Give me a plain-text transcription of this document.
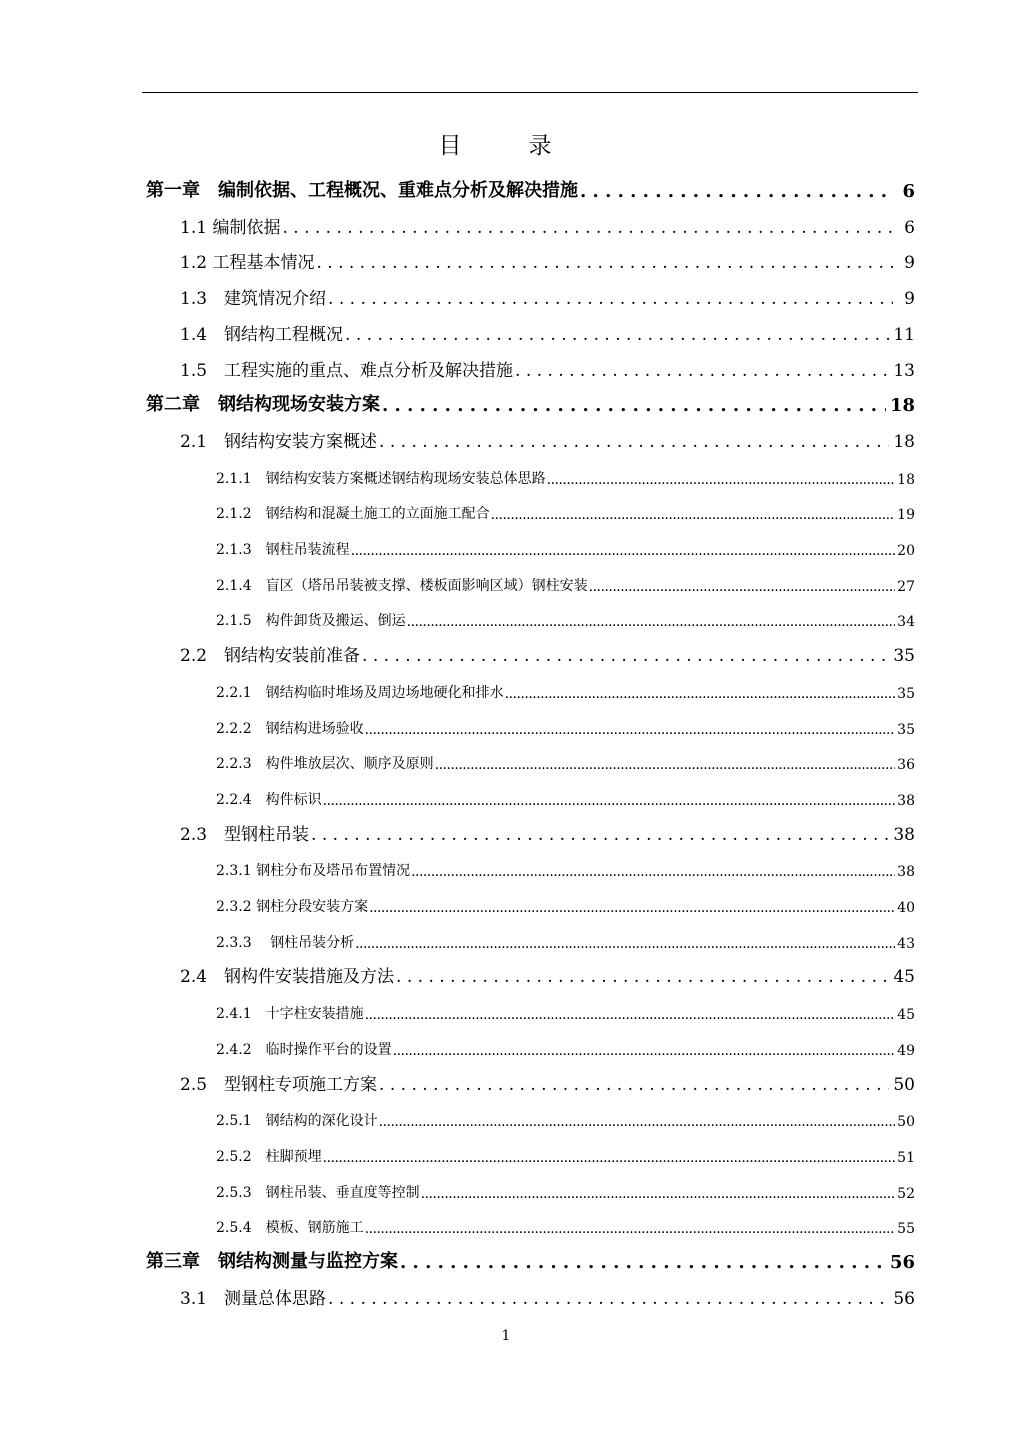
目　录
第一章　编制依据、工程概况、重难点分析及解决措施 . . .	6
1.1 编制依据 . . .	6
1.2 工程基本情况 . . .	9
1.3　建筑情况介绍 . . .	9
1.4　钢结构工程概况 . . .	11
1.5　工程实施的重点、难点分析及解决措施 . . .	13
第二章　钢结构现场安装方案 . . .	18
2.1　钢结构安装方案概述 . . .	18
2.1.1　钢结构安装方案概述钢结构现场安装总体思路 .....	18
2.1.2　钢结构和混凝土施工的立面施工配合 .....	19
2.1.3　钢柱吊装流程 .....	20
2.1.4　盲区（塔吊吊装被支撑、楼板面影响区域）钢柱安装 .....	27
2.1.5　构件卸货及搬运、倒运 .....	34
2.2　钢结构安装前准备 . . .	35
2.2.1　钢结构临时堆场及周边场地硬化和排水 .....	35
2.2.2　钢结构进场验收 .....	35
2.2.3　构件堆放层次、顺序及原则 .....	36
2.2.4　构件标识 .....	38
2.3　型钢柱吊装 . . .	38
2.3.1 钢柱分布及塔吊布置情况 .....	38
2.3.2 钢柱分段安装方案 .....	40
2.3.3　 钢柱吊装分析 .....	43
2.4　钢构件安装措施及方法 . . .	45
2.4.1　十字柱安装措施 .....	45
2.4.2　临时操作平台的设置 .....	49
2.5　型钢柱专项施工方案 . . .	50
2.5.1　钢结构的深化设计 .....	50
2.5.2　柱脚预埋 .....	51
2.5.3　钢柱吊装、垂直度等控制 .....	52
2.5.4　模板、钢筋施工 .....	55
第三章　钢结构测量与监控方案 . . .	56
3.1　测量总体思路 . . .	56
1
